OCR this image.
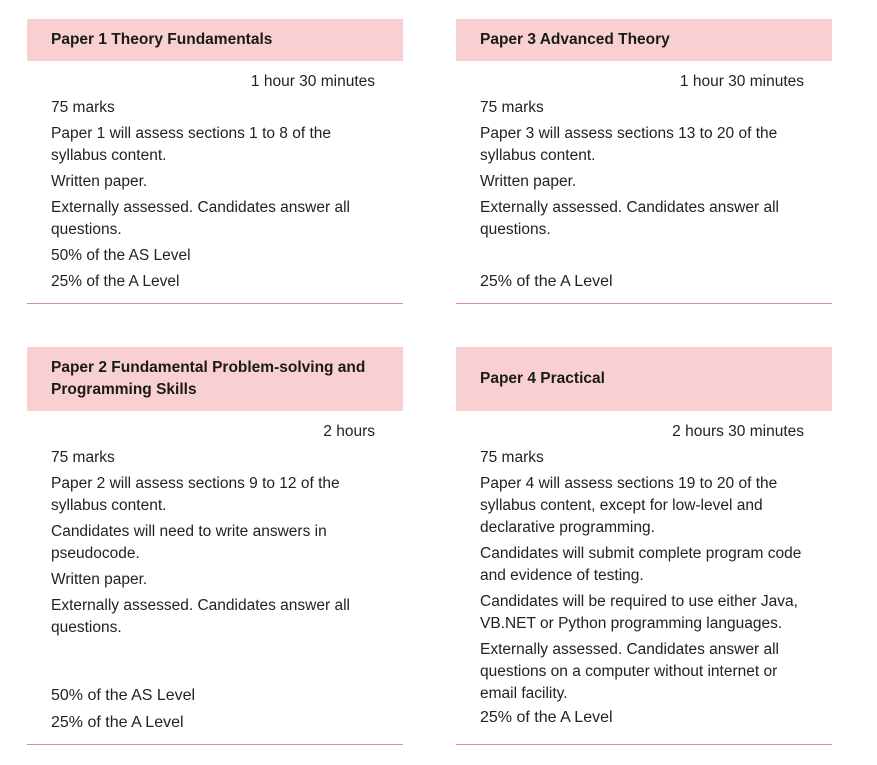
Paper 1 Theory Fundamentals
1 hour 30 minutes
75 marks
Paper 1 will assess sections 1 to 8 of the syllabus content.
Written paper.
Externally assessed. Candidates answer all questions.
50% of the AS Level
25% of the A Level
Paper 3 Advanced Theory
1 hour 30 minutes
75 marks
Paper 3 will assess sections 13 to 20 of the syllabus content.
Written paper.
Externally assessed. Candidates answer all questions.
25% of the A Level
Paper 2 Fundamental Problem-solving and Programming Skills
2 hours
75 marks
Paper 2 will assess sections 9 to 12 of the syllabus content.
Candidates will need to write answers in pseudocode.
Written paper.
Externally assessed. Candidates answer all questions.
50% of the AS Level
25% of the A Level
Paper 4 Practical
2 hours 30 minutes
75 marks
Paper 4 will assess sections 19 to 20 of the syllabus content, except for low-level and declarative programming.
Candidates will submit complete program code and evidence of testing.
Candidates will be required to use either Java, VB.NET or Python programming languages.
Externally assessed. Candidates answer all questions on a computer without internet or email facility.
25% of the A Level
